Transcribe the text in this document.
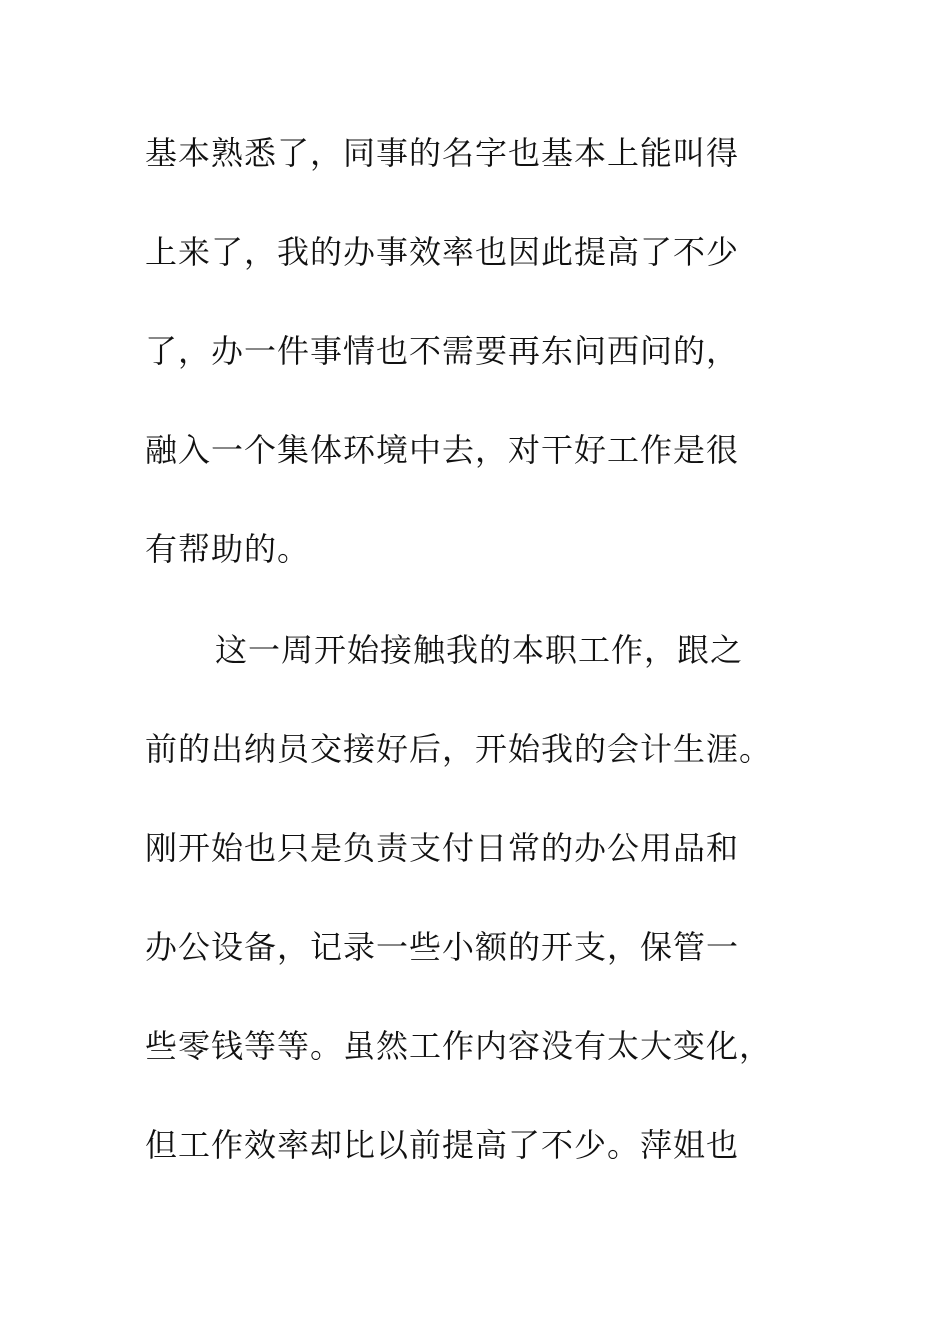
基本熟悉了，同事的名字也基本上能叫得
上来了，我的办事效率也因此提高了不少
了，办一件事情也不需要再东问西问的，
融入一个集体环境中去，对干好工作是很
有帮助的。
这一周开始接触我的本职工作，跟之
前的出纳员交接好后，开始我的会计生涯。
刚开始也只是负责支付日常的办公用品和
办公设备，记录一些小额的开支，保管一
些零钱等等。虽然工作内容没有太大变化，
但工作效率却比以前提高了不少。萍姐也
